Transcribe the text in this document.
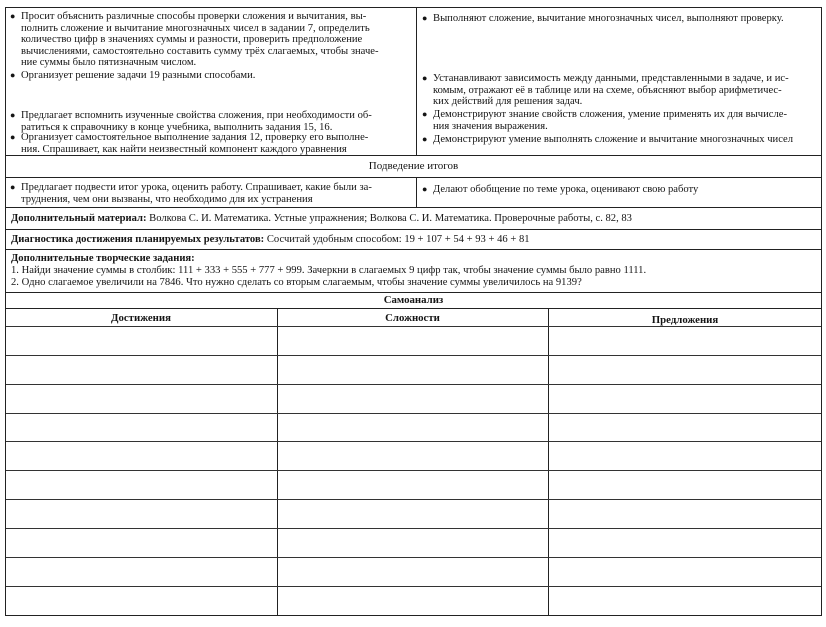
● Просит объяснить различные способы проверки сложения и вычитания, вы-
полнить сложение и вычитание многозначных чисел в задании 7, определить
количество цифр в значениях суммы и разности, проверить предположение
вычислениями, самостоятельно составить сумму трёх слагаемых, чтобы значе-
ние суммы было пятизначным числом.
● Организует решение задачи 19 разными способами.
● Предлагает вспомнить изученные свойства сложения, при необходимости об-
ратиться к справочнику в конце учебника, выполнить задания 15, 16.
● Организует самостоятельное выполнение задания 12, проверку его выполне-
ния. Спрашивает, как найти неизвестный компонент каждого уравнения
● Выполняют сложение, вычитание многозначных чисел, выполняют проверку.
● Устанавливают зависимость между данными, представленными в задаче, и ис-
комым, отражают её в таблице или на схеме, объясняют выбор арифметичес-
ких действий для решения задач.
● Демонстрируют знание свойств сложения, умение применять их для вычисле-
ния значения выражения.
● Демонстрируют умение выполнять сложение и вычитание многозначных чисел
Подведение итогов
● Предлагает подвести итог урока, оценить работу. Спрашивает, какие были за-
труднения, чем они вызваны, что необходимо для их устранения
● Делают обобщение по теме урока, оценивают свою работу
Дополнительный материал: Волкова С. И. Математика. Устные упражнения; Волкова С. И. Математика. Проверочные работы, с. 82, 83
Диагностика достижения планируемых результатов: Сосчитай удобным способом: 19 + 107 + 54 + 93 + 46 + 81
Дополнительные творческие задания:
1. Найди значение суммы в столбик: 111 + 333 + 555 + 777 + 999. Зачеркни в слагаемых 9 цифр так, чтобы значение суммы было равно 1111.
2. Одно слагаемое увеличили на 7846. Что нужно сделать со вторым слагаемым, чтобы значение суммы увеличилось на 9139?
Самоанализ
Достижения	Сложности	Предложения
